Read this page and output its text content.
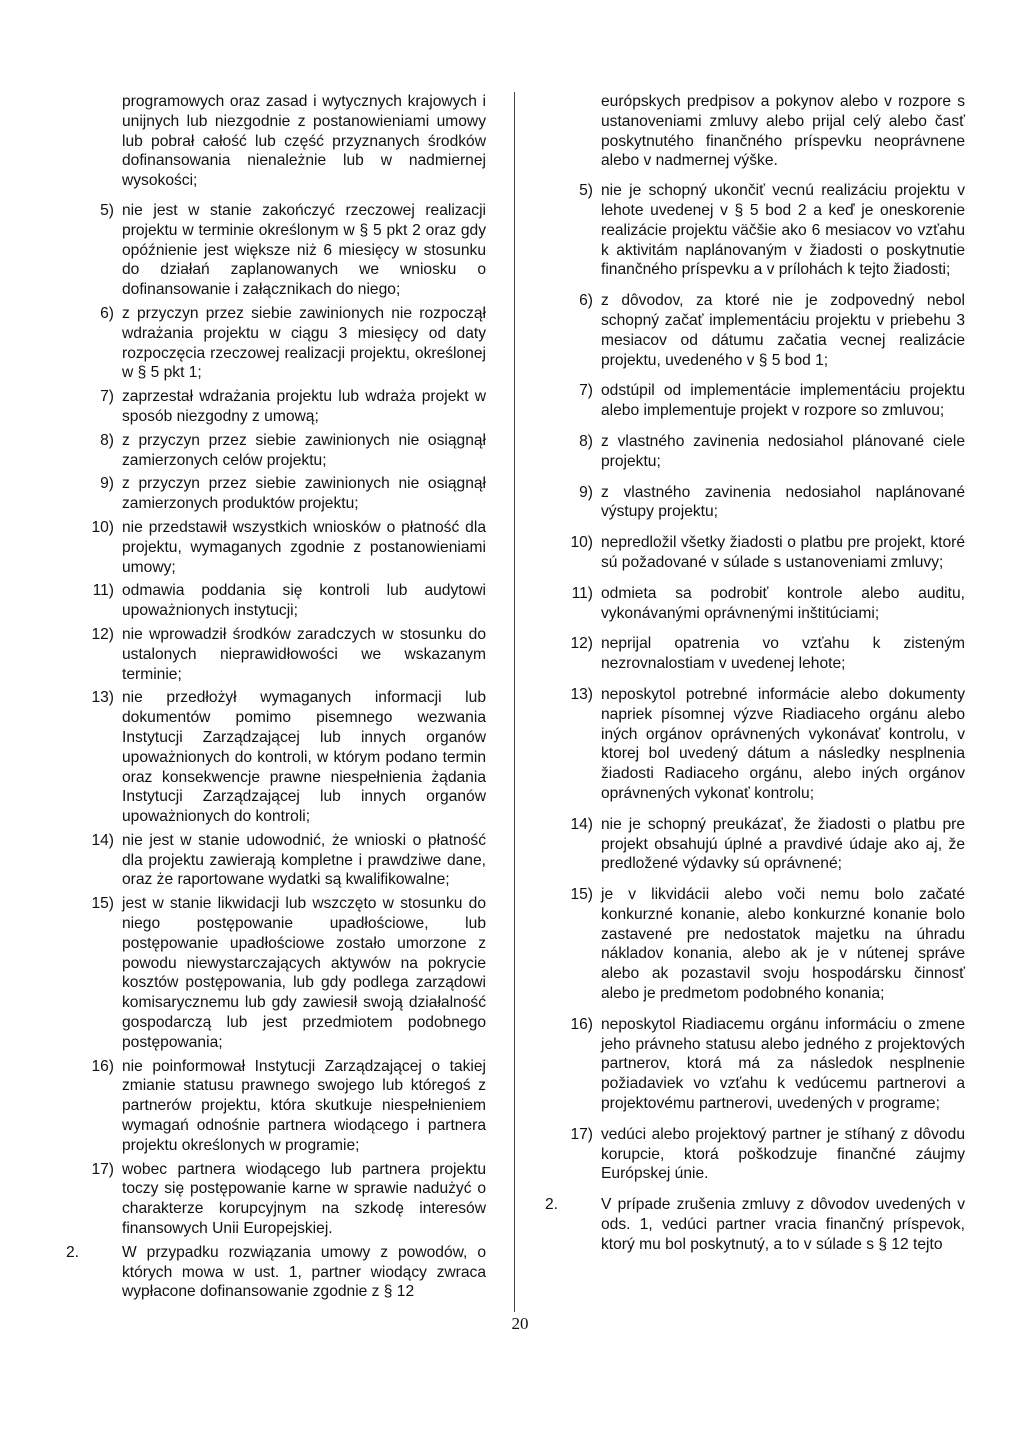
programowych oraz zasad i wytycznych krajowych i unijnych lub niezgodnie z postanowieniami umowy lub pobrał całość lub część przyznanych środków dofinansowania nienależnie lub w nadmiernej wysokości;
5) nie jest w stanie zakończyć rzeczowej realizacji projektu w terminie określonym w § 5 pkt 2 oraz gdy opóźnienie jest większe niż 6 miesięcy w stosunku do działań zaplanowanych we wniosku o dofinansowanie i załącznikach do niego;
6) z przyczyn przez siebie zawinionych nie rozpoczął wdrażania projektu w ciągu 3 miesięcy od daty rozpoczęcia rzeczowej realizacji projektu, określonej w § 5 pkt 1;
7) zaprzestał wdrażania projektu lub wdraża projekt w sposób niezgodny z umową;
8) z przyczyn przez siebie zawinionych nie osiągnął zamierzonych celów projektu;
9) z przyczyn przez siebie zawinionych nie osiągnął zamierzonych produktów projektu;
10) nie przedstawił wszystkich wniosków o płatność dla projektu, wymaganych zgodnie z postanowieniami umowy;
11) odmawia poddania się kontroli lub audytowi upoważnionych instytucji;
12) nie wprowadził środków zaradczych w stosunku do ustalonych nieprawidłowości we wskazanym terminie;
13) nie przedłożył wymaganych informacji lub dokumentów pomimo pisemnego wezwania Instytucji Zarządzającej lub innych organów upoważnionych do kontroli, w którym podano termin oraz konsekwencje prawne niespełnienia żądania Instytucji Zarządzającej lub innych organów upoważnionych do kontroli;
14) nie jest w stanie udowodnić, że wnioski o płatność dla projektu zawierają kompletne i prawdziwe dane, oraz że raportowane wydatki są kwalifikowalne;
15) jest w stanie likwidacji lub wszczęto w stosunku do niego postępowanie upadłościowe, lub postępowanie upadłościowe zostało umorzone z powodu niewystarczających aktywów na pokrycie kosztów postępowania, lub gdy podlega zarządowi komisarycznemu lub gdy zawiesił swoją działalność gospodarczą lub jest przedmiotem podobnego postępowania;
16) nie poinformował Instytucji Zarządzającej o takiej zmianie statusu prawnego swojego lub któregoś z partnerów projektu, która skutkuje niespełnieniem wymagań odnośnie partnera wiodącego i partnera projektu określonych w programie;
17) wobec partnera wiodącego lub partnera projektu toczy się postępowanie karne w sprawie nadużyć o charakterze korupcyjnym na szkodę interesów finansowych Unii Europejskiej.
2.	W przypadku rozwiązania umowy z powodów, o których mowa w ust. 1, partner wiodący zwraca wypłacone dofinansowanie zgodnie z § 12
európskych predpisov a pokynov alebo v rozpore s ustanoveniami zmluvy alebo prijal celý alebo časť poskytnutého finančného príspevku neoprávnene alebo v nadmernej výške.
5) nie je schopný ukončiť vecnú realizáciu projektu v lehote uvedenej v § 5 bod 2 a keď je oneskorenie realizácie projektu väčšie ako 6 mesiacov vo vzťahu k aktivitám naplánovaným v žiadosti o poskytnutie finančného príspevku a v prílohách k tejto žiadosti;
6) z dôvodov, za ktoré nie je zodpovedný nebol schopný začať implementáciu projektu v priebehu 3 mesiacov od dátumu začatia vecnej realizácie projektu, uvedeného v § 5 bod 1;
7) odstúpil od implementácie implementáciu projektu alebo implementuje projekt v rozpore so zmluvou;
8) z vlastného zavinenia nedosiahol plánované ciele projektu;
9) z vlastného zavinenia nedosiahol naplánované výstupy projektu;
10) nepredložil všetky žiadosti o platbu pre projekt, ktoré sú požadované v súlade s ustanoveniami zmluvy;
11) odmieta sa podrobiť kontrole alebo auditu, vykonávanými oprávnenými inštitúciami;
12) neprijal opatrenia vo vzťahu k zisteným nezrovnalostiam v uvedenej lehote;
13) neposkytol potrebné informácie alebo dokumenty napriek písomnej výzve Riadiaceho orgánu alebo iných orgánov oprávnených vykonávať kontrolu, v ktorej bol uvedený dátum a následky nesplnenia žiadosti Radiaceho orgánu, alebo iných orgánov oprávnených vykonať kontrolu;
14) nie je schopný preukázať, že žiadosti o platbu pre projekt obsahujú úplné a pravdivé údaje ako aj, že predložené výdavky sú oprávnené;
15) je v likvidácii alebo voči nemu bolo začaté konkurzné konanie, alebo konkurzné konanie bolo zastavené pre nedostatok majetku na úhradu nákladov konania, alebo ak je v nútenej správe alebo ak pozastavil svoju hospodársku činnosť alebo je predmetom podobného konania;
16) neposkytol Riadiacemu orgánu informáciu o zmene jeho právneho statusu alebo jedného z projektových partnerov, ktorá má za následok nesplnenie požiadaviek vo vzťahu k vedúcemu partnerovi a projektovému partnerovi, uvedených v programe;
17) vedúci alebo projektový partner je stíhaný z dôvodu korupcie, ktorá poškodzuje finančné záujmy Európskej únie.
2.	V prípade zrušenia zmluvy z dôvodov uvedených v ods. 1, vedúci partner vracia finančný príspevok, ktorý mu bol poskytnutý, a to v súlade s § 12 tejto
20
